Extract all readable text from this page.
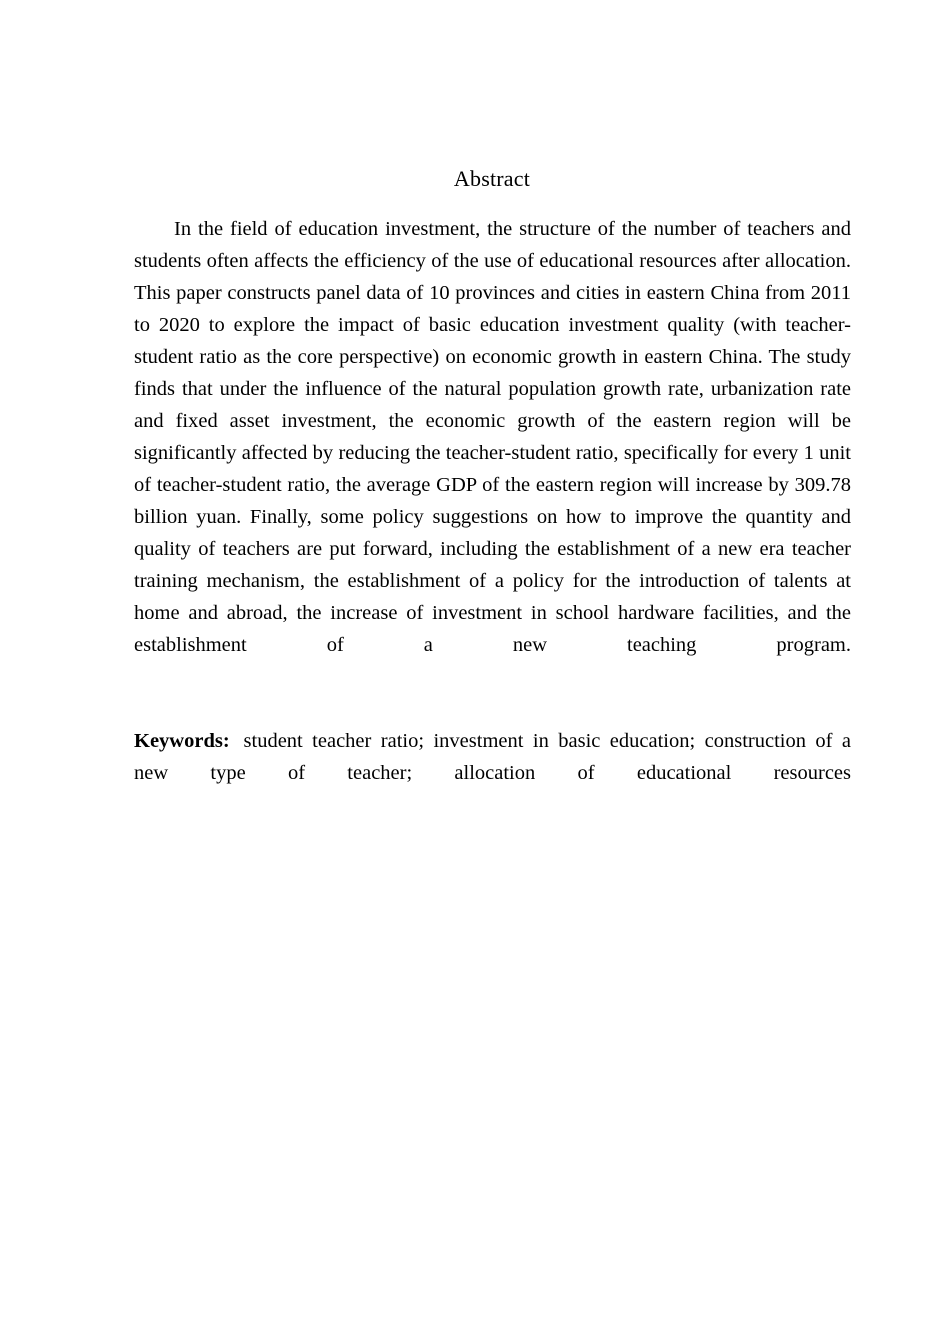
Abstract

In the field of education investment, the structure of the number of teachers and students often affects the efficiency of the use of educational resources after allocation. This paper constructs panel data of 10 provinces and cities in eastern China from 2011 to 2020 to explore the impact of basic education investment quality (with teacher-student ratio as the core perspective) on economic growth in eastern China. The study finds that under the influence of the natural population growth rate, urbanization rate and fixed asset investment, the economic growth of the eastern region will be significantly affected by reducing the teacher-student ratio, specifically for every 1 unit of teacher-student ratio, the average GDP of the eastern region will increase by 309.78 billion yuan. Finally, some policy suggestions on how to improve the quantity and quality of teachers are put forward, including the establishment of a new era teacher training mechanism, the establishment of a policy for the introduction of talents at home and abroad, the increase of investment in school hardware facilities, and the establishment of a new teaching program.

Keywords:  student teacher ratio; investment in basic education; construction of a new type of teacher; allocation of educational resources
